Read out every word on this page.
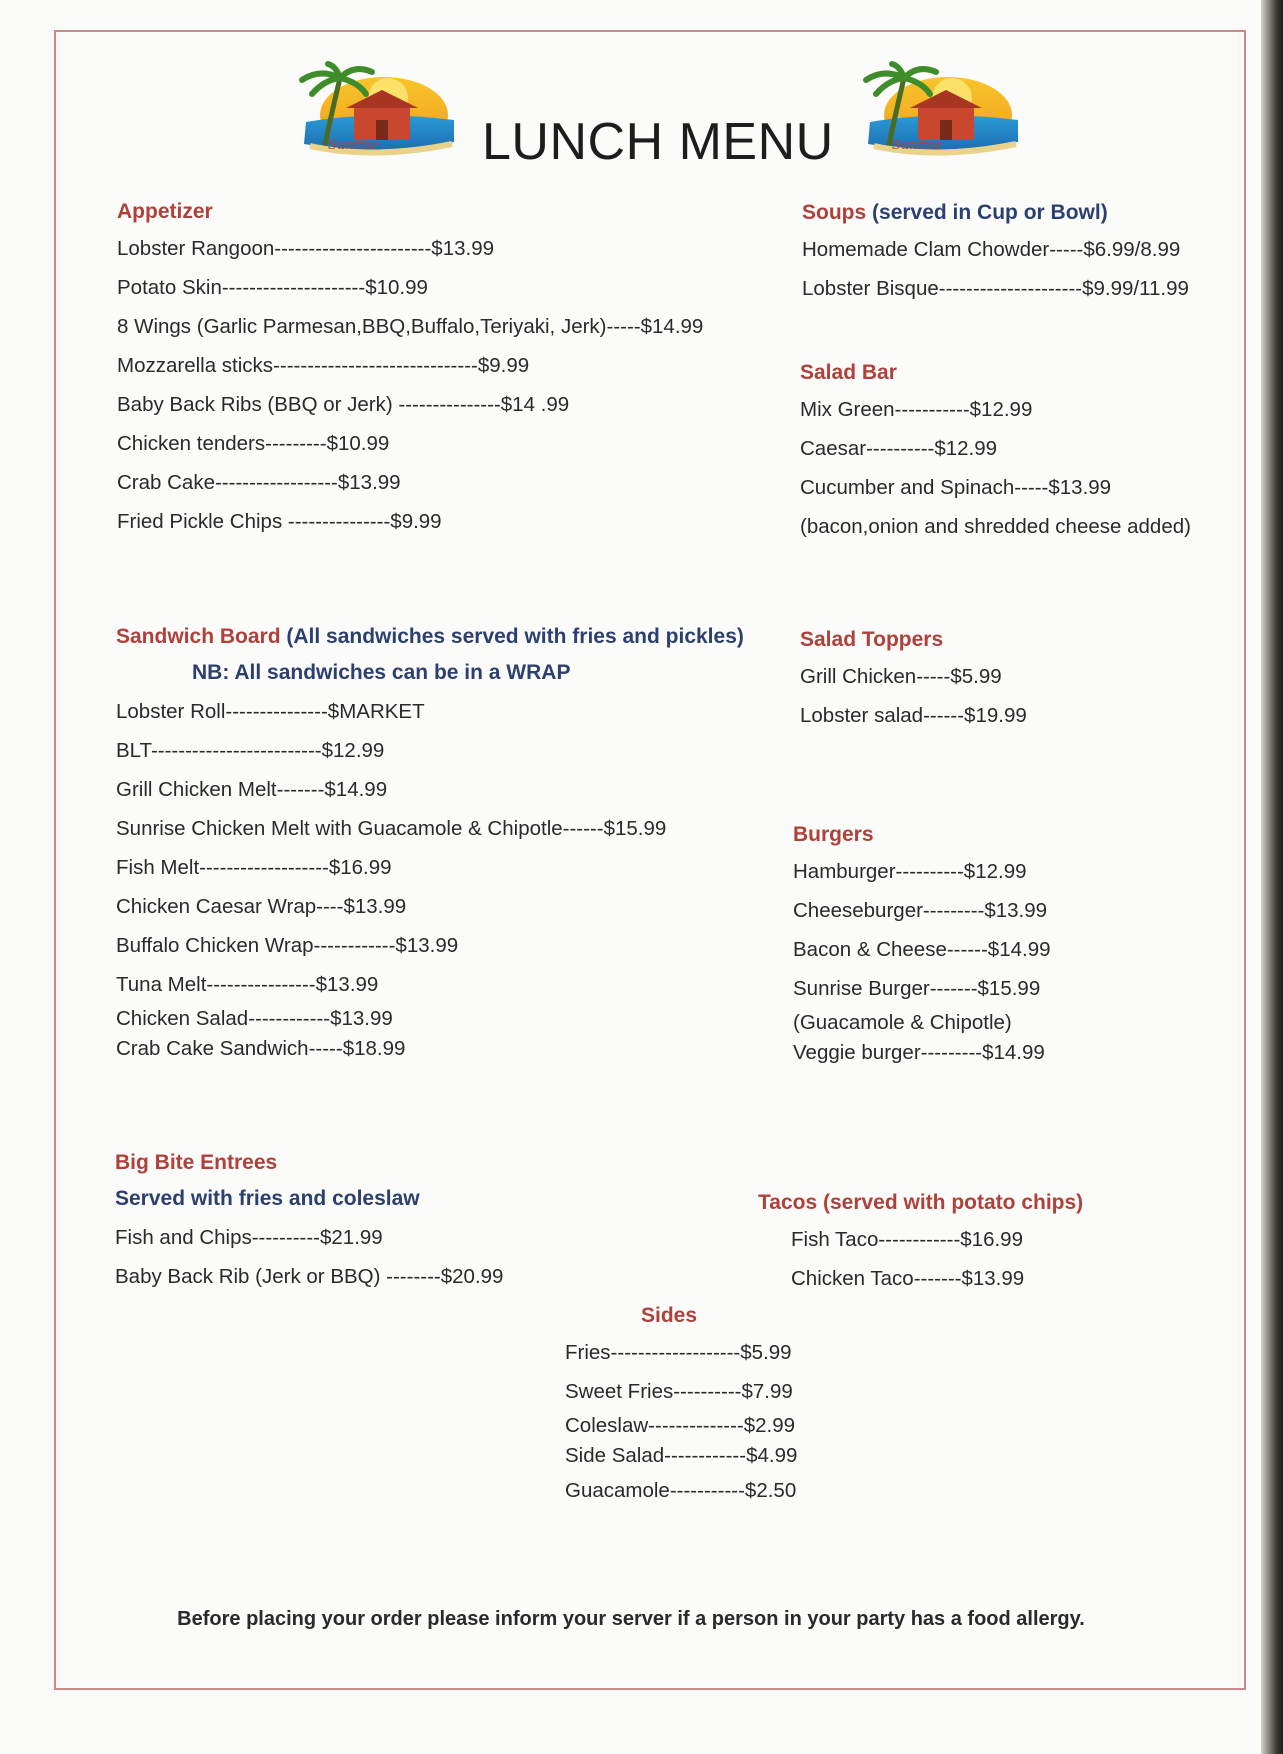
Sunrise	Sunrise
LUNCH MENU
Appetizer
Lobster Rangoon-----------------------$13.99
Potato Skin---------------------$10.99
8 Wings (Garlic Parmesan,BBQ,Buffalo,Teriyaki, Jerk)-----$14.99
Mozzarella sticks------------------------------$9.99
Baby Back Ribs (BBQ or Jerk) ---------------$14 .99
Chicken tenders---------$10.99
Crab Cake------------------$13.99
Fried Pickle Chips ---------------$9.99
Soups (served in Cup or Bowl)
Homemade Clam Chowder-----$6.99/8.99
Lobster Bisque---------------------$9.99/11.99
Salad Bar
Mix Green-----------$12.99
Caesar----------$12.99
Cucumber and Spinach-----$13.99
(bacon,onion and shredded cheese added)
Sandwich Board (All sandwiches served with fries and pickles)
NB: All sandwiches can be in a WRAP
Lobster Roll---------------$MARKET
BLT-------------------------$12.99
Grill Chicken Melt-------$14.99
Sunrise Chicken Melt with Guacamole & Chipotle------$15.99
Fish Melt-------------------$16.99
Chicken Caesar Wrap----$13.99
Buffalo Chicken Wrap------------$13.99
Tuna Melt----------------$13.99
Chicken Salad------------$13.99
Crab Cake Sandwich-----$18.99
Salad Toppers
Grill Chicken-----$5.99
Lobster salad------$19.99
Burgers
Hamburger----------$12.99
Cheeseburger---------$13.99
Bacon & Cheese------$14.99
Sunrise Burger-------$15.99
(Guacamole & Chipotle)
Veggie burger---------$14.99
Big Bite Entrees
Served with fries and coleslaw
Fish and Chips----------$21.99
Baby Back Rib (Jerk or BBQ) --------$20.99
Tacos (served with potato chips)
Fish Taco------------$16.99
Chicken Taco-------$13.99
Sides
Fries-------------------$5.99
Sweet Fries----------$7.99
Coleslaw--------------$2.99
Side Salad------------$4.99
Guacamole-----------$2.50
Before placing your order please inform your server if a person in your party has a food allergy.
